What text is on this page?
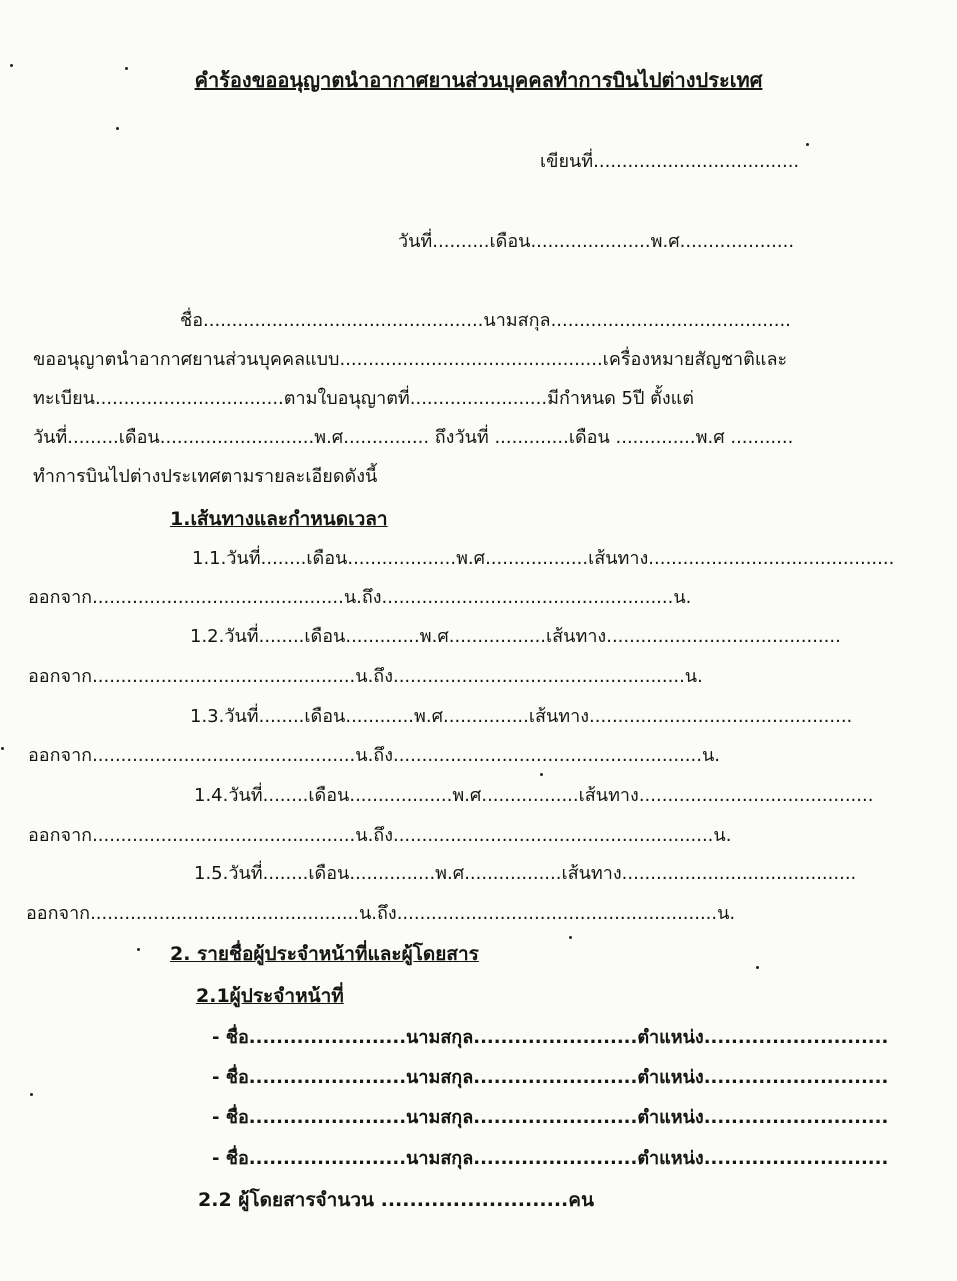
คำร้องขออนุญาตนำอากาศยานส่วนบุคคลทำการบินไปต่างประเทศ
เขียนที่....................................
วันที่..........เดือน.....................พ.ศ....................
ชื่อ.................................................นามสกุล..........................................
ขออนุญาตนำอากาศยานส่วนบุคคลแบบ..............................................เครื่องหมายสัญชาติและ
ทะเบียน.................................ตามใบอนุญาตที่........................มีกำหนด 5ปี ตั้งแต่
วันที่.........เดือน...........................พ.ศ............... ถึงวันที่ .............เดือน ..............พ.ศ ...........
ทำการบินไปต่างประเทศตามรายละเอียดดังนี้
1.เส้นทางและกำหนดเวลา
1.1.วันที่........เดือน...................พ.ศ..................เส้นทาง...........................................
ออกจาก............................................น.ถึง...................................................น.
1.2.วันที่........เดือน.............พ.ศ.................เส้นทาง.........................................
ออกจาก..............................................น.ถึง...................................................น.
1.3.วันที่........เดือน............พ.ศ...............เส้นทาง..............................................
ออกจาก..............................................น.ถึง......................................................น.
1.4.วันที่........เดือน..................พ.ศ.................เส้นทาง.........................................
ออกจาก..............................................น.ถึง........................................................น.
1.5.วันที่........เดือน...............พ.ศ.................เส้นทาง.........................................
ออกจาก...............................................น.ถึง........................................................น.
2. รายชื่อผู้ประจำหน้าที่และผู้โดยสาร
2.1ผู้ประจำหน้าที่
- ชื่อ.......................นามสกุล........................ตำแหน่ง...........................
- ชื่อ.......................นามสกุล........................ตำแหน่ง...........................
- ชื่อ.......................นามสกุล........................ตำแหน่ง...........................
- ชื่อ.......................นามสกุล........................ตำแหน่ง...........................
2.2 ผู้โดยสารจำนวน ..........................คน
